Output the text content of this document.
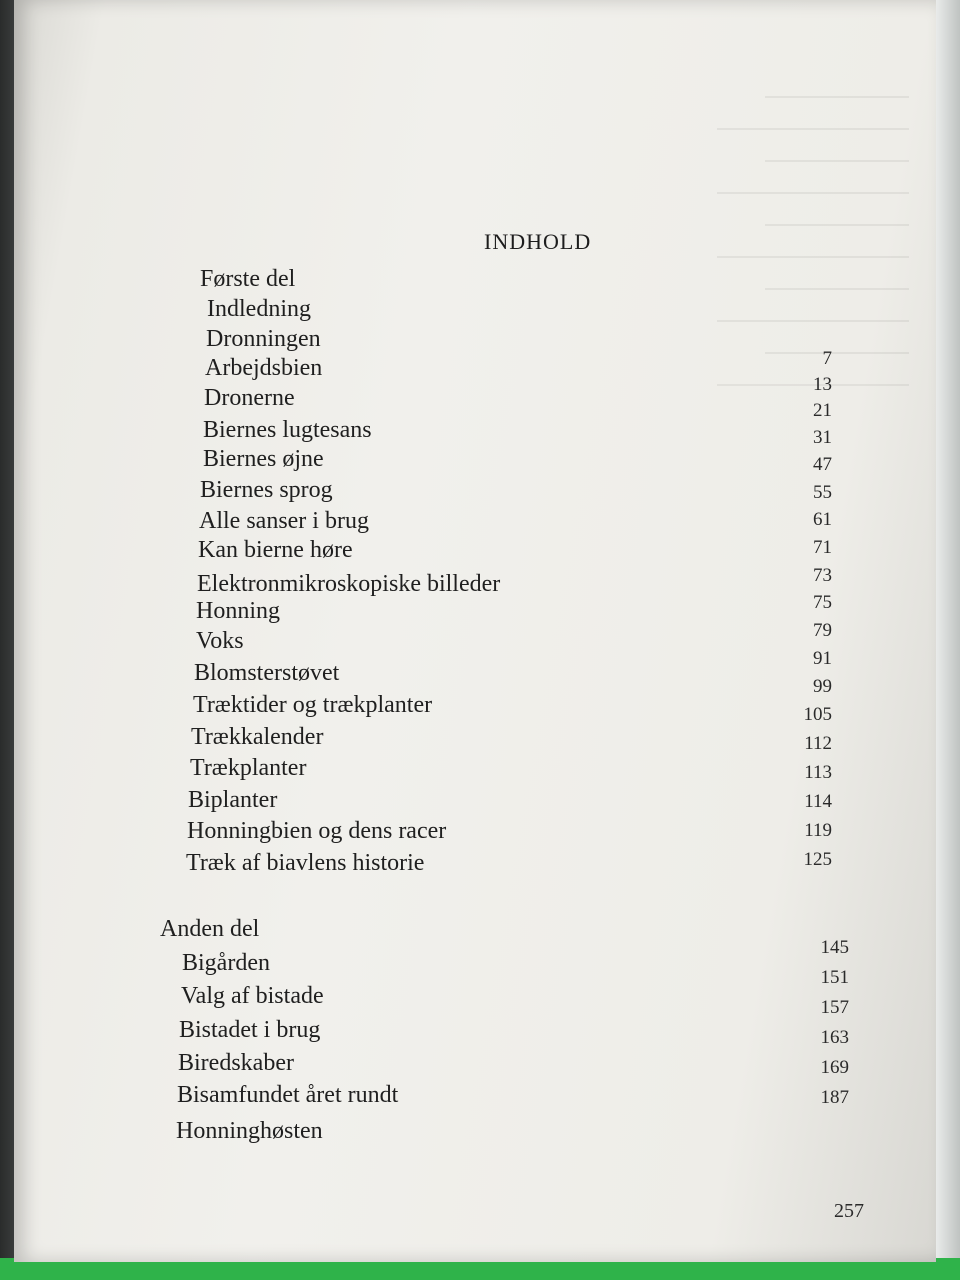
INDHOLD
Første del
Indledning
Dronningen
Arbejdsbien
Dronerne
Biernes lugtesans
Biernes øjne
Biernes sprog
Alle sanser i brug
Kan bierne høre
Elektronmikroskopiske billeder
Honning
Voks
Blomsterstøvet
Træktider og trækplanter
Trækkalender
Trækplanter
Biplanter
Honningbien og dens racer
Træk af biavlens historie
7
13
21
31
47
55
61
71
73
75
79
91
99
105
112
113
114
119
125
Anden del
Bigården
Valg af bistade
Bistadet i brug
Biredskaber
Bisamfundet året rundt
Honninghøsten
145
151
157
163
169
187
257
